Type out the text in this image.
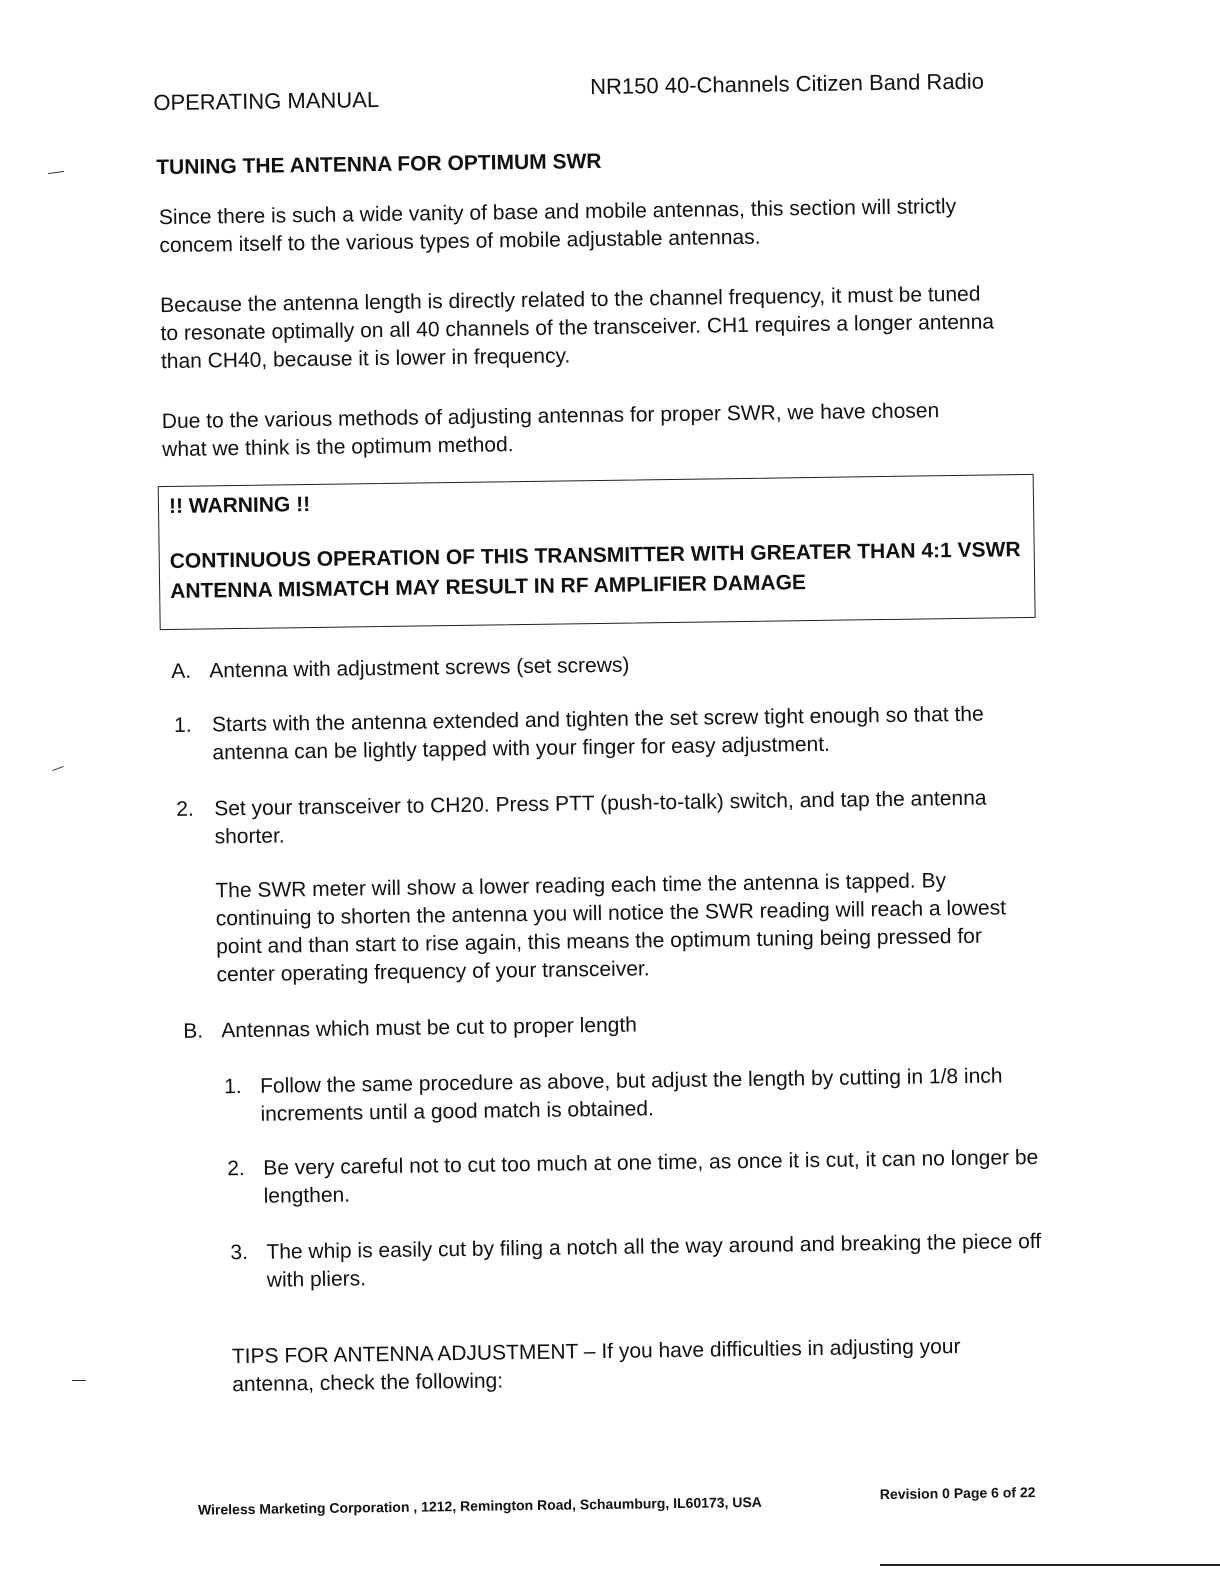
OPERATING MANUAL
NR150 40-Channels Citizen Band Radio
TUNING THE ANTENNA FOR OPTIMUM SWR
Since there is such a wide vanity of base and mobile antennas, this section will strictly concem itself to the various types of mobile adjustable antennas.
Because the antenna length is directly related to the channel frequency, it must be tuned to resonate optimally on all 40 channels of the transceiver. CH1 requires a longer antenna than CH40, because it is lower in frequency.
Due to the various methods of adjusting antennas for proper SWR, we have chosen what we think is the optimum method.
!! WARNING !!
CONTINUOUS OPERATION OF THIS TRANSMITTER WITH GREATER THAN 4:1 VSWR ANTENNA MISMATCH MAY RESULT IN RF AMPLIFIER DAMAGE
A. Antenna with adjustment screws (set screws)
1. Starts with the antenna extended and tighten the set screw tight enough so that the antenna can be lightly tapped with your finger for easy adjustment.
2. Set your transceiver to CH20. Press PTT (push-to-talk) switch, and tap the antenna shorter.
The SWR meter will show a lower reading each time the antenna is tapped. By continuing to shorten the antenna you will notice the SWR reading will reach a lowest point and than start to rise again, this means the optimum tuning being pressed for center operating frequency of your transceiver.
B. Antennas which must be cut to proper length
1. Follow the same procedure as above, but adjust the length by cutting in 1/8 inch increments until a good match is obtained.
2. Be very careful not to cut too much at one time, as once it is cut, it can no longer be lengthen.
3. The whip is easily cut by filing a notch all the way around and breaking the piece off with pliers.
TIPS FOR ANTENNA ADJUSTMENT – If you have difficulties in adjusting your antenna, check the following:
Wireless Marketing Corporation , 1212, Remington Road, Schaumburg, IL60173, USA
Revision 0 Page 6 of 22
